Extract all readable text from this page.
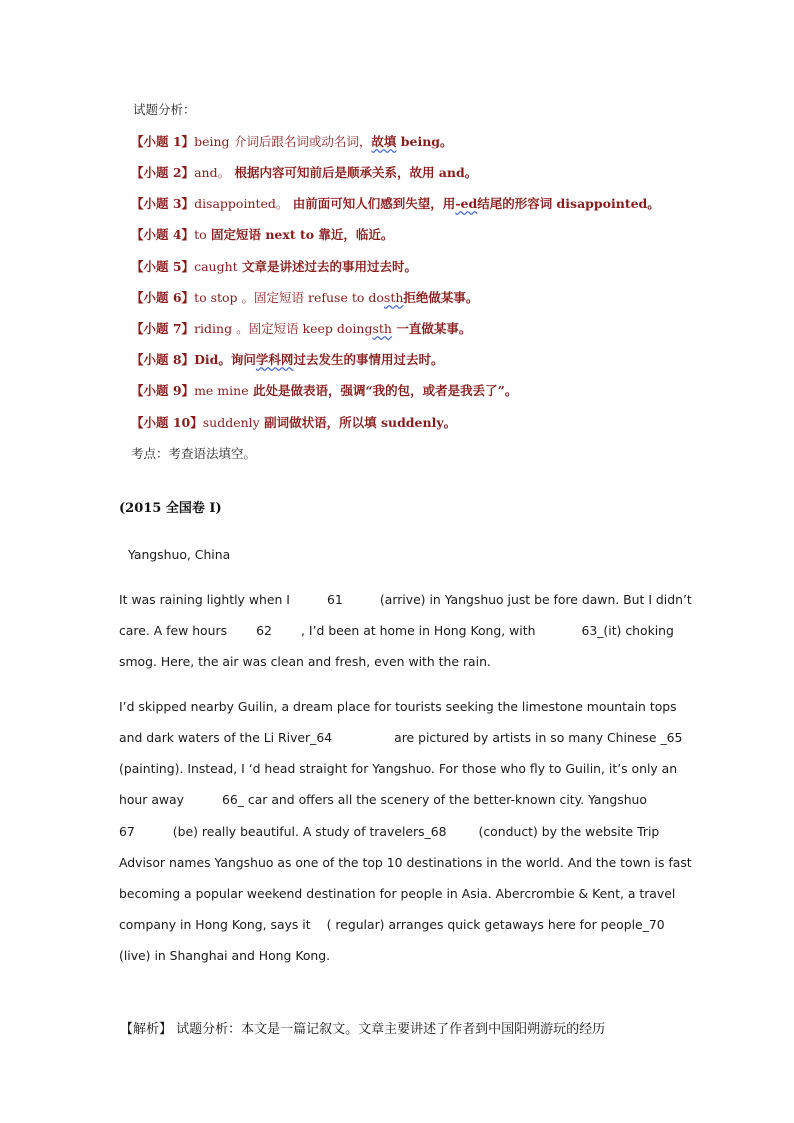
试题分析：
【小题 1】being 介词后跟名词或动名词，故填 being。
【小题 2】and。 根据内容可知前后是顺承关系，故用 and。
【小题 3】disappointed。 由前面可知人们感到失望，用-ed结尾的形容词 disappointed。
【小题 4】to 固定短语 next to 靠近，临近。
【小题 5】caught 文章是讲述过去的事用过去时。
【小题 6】to stop 。固定短语 refuse to dosth拒绝做某事。
【小题 7】riding 。固定短语 keep doingsth 一直做某事。
【小题 8】Did。询问学科网过去发生的事情用过去时。
【小题 9】me mine 此处是做表语，强调“我的包，或者是我丢了”。
【小题 10】suddenly 副词做状语，所以填 suddenly。
考点：考查语法填空。
(2015 全国卷 I)
Yangshuo, China
It was raining lightly when I	61	(arrive) in Yangshuo just be fore dawn. But I didn’t
care. A few hours 62 , I’d been at home in Hong Kong, with	63_(it) choking
smog. Here, the air was clean and fresh, even with the rain.
I’d skipped nearby Guilin, a dream place for tourists seeking the limestone mountain tops
and dark waters of the Li River_64	are pictured by artists in so many Chinese _65
(painting). Instead, I ‘d head straight for Yangshuo. For those who fly to Guilin, it’s only an
hour away	66_ car and offers all the scenery of the better-known city. Yangshuo
67	(be) really beautiful. A study of travelers_68	(conduct) by the website Trip
Advisor names Yangshuo as one of the top 10 destinations in the world. And the town is fast
becoming a popular weekend destination for people in Asia. Abercrombie & Kent, a travel
company in Hong Kong, says it ( regular) arranges quick getaways here for people_70
(live) in Shanghai and Hong Kong.
【解析】 试题分析：本文是一篇记叙文。文章主要讲述了作者到中国阳朔游玩的经历
